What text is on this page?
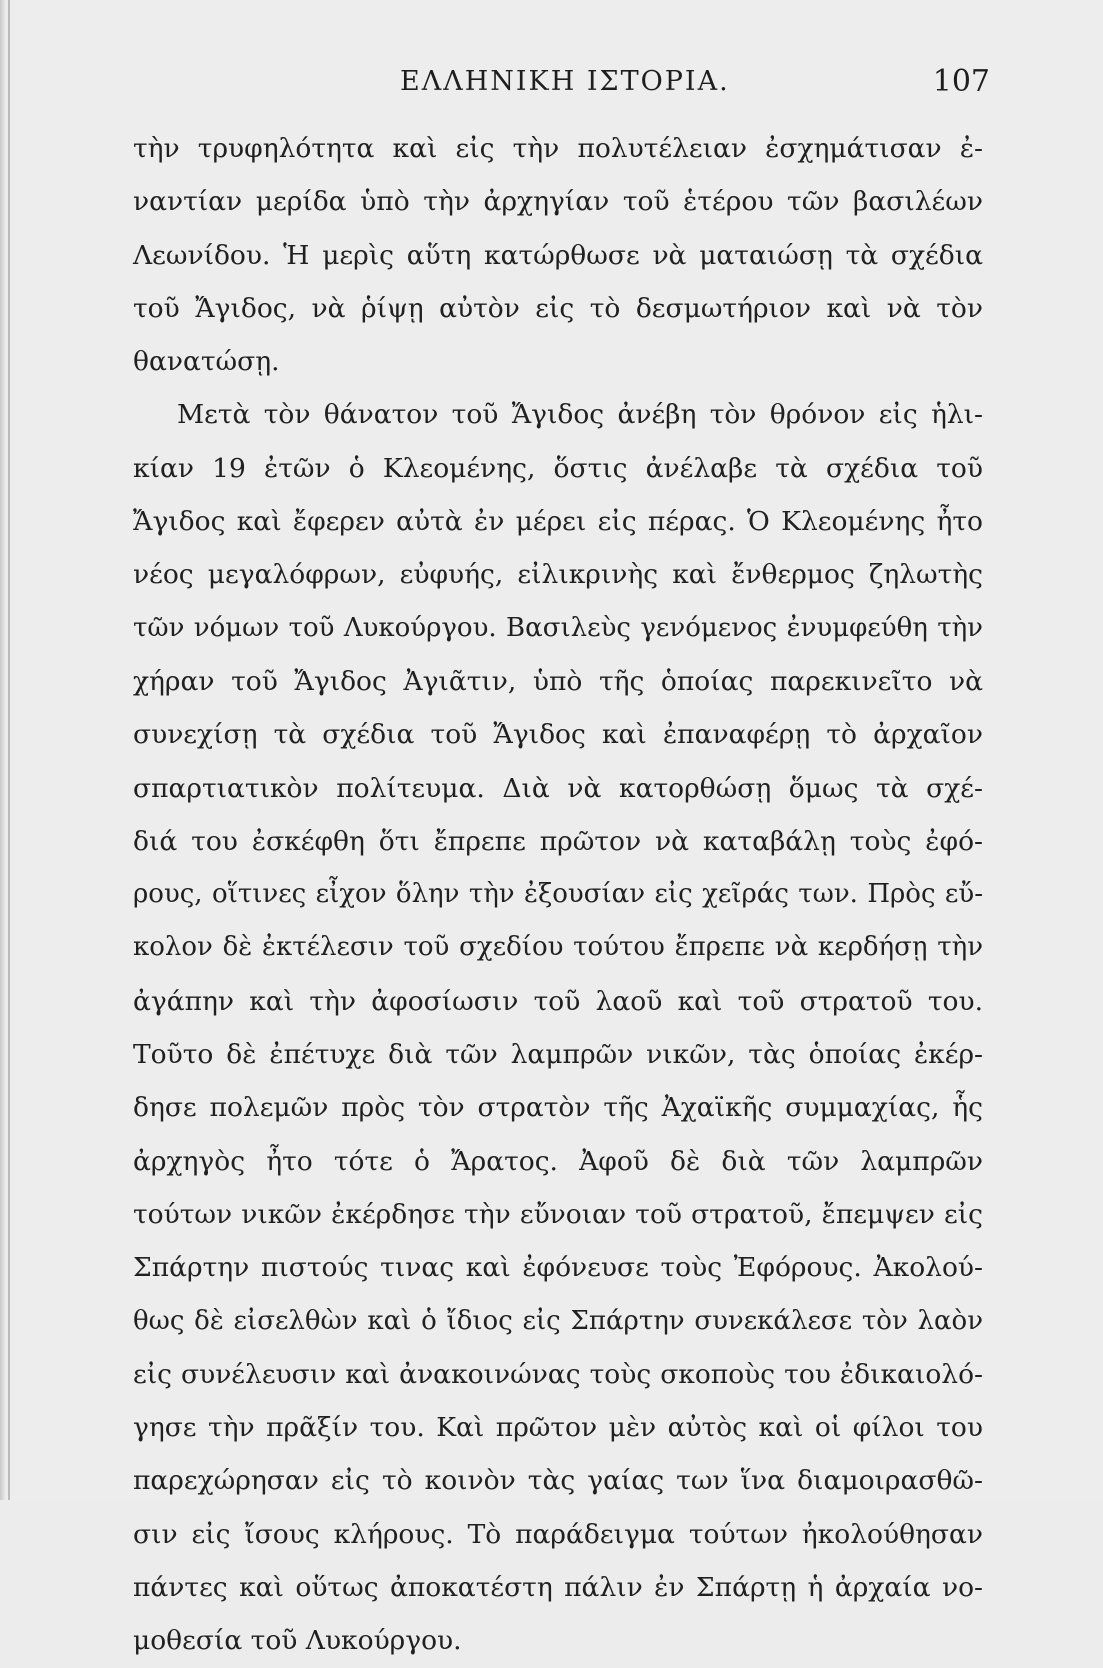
ΕΛΛΗΝΙΚΗ ΙΣΤΟΡΙΑ.	107
τὴν τρυφηλότητα καὶ εἰς τὴν πολυτέλειαν ἐσχημάτισαν ἐ-
ναντίαν μερίδα ὑπὸ τὴν ἀρχηγίαν τοῦ ἑτέρου τῶν βασιλέων
Λεωνίδου. Ἡ μερὶς αὕτη κατώρθωσε νὰ ματαιώσῃ τὰ σχέδια
τοῦ Ἄγιδος, νὰ ῥίψῃ αὐτὸν εἰς τὸ δεσμωτήριον καὶ νὰ τὸν
θανατώσῃ.
Μετὰ τὸν θάνατον τοῦ Ἄγιδος ἀνέβη τὸν θρόνον εἰς ἡλι-
κίαν 19 ἐτῶν ὁ Κλεομένης, ὅστις ἀνέλαβε τὰ σχέδια τοῦ
Ἄγιδος καὶ ἔφερεν αὐτὰ ἐν μέρει εἰς πέρας. Ὁ Κλεομένης ἦτο
νέος μεγαλόφρων, εὐφυής, εἰλικρινὴς καὶ ἔνθερμος ζηλωτὴς
τῶν νόμων τοῦ Λυκούργου. Βασιλεὺς γενόμενος ἐνυμφεύθη τὴν
χήραν τοῦ Ἄγιδος Ἀγιᾶτιν, ὑπὸ τῆς ὁποίας παρεκινεῖτο νὰ
συνεχίσῃ τὰ σχέδια τοῦ Ἄγιδος καὶ ἐπαναφέρῃ τὸ ἀρχαῖον
σπαρτιατικὸν πολίτευμα. Διὰ νὰ κατορθώσῃ ὅμως τὰ σχέ-
διά του ἐσκέφθη ὅτι ἔπρεπε πρῶτον νὰ καταβάλῃ τοὺς ἐφό-
ρους, οἵτινες εἶχον ὅλην τὴν ἐξουσίαν εἰς χεῖράς των. Πρὸς εὔ-
κολον δὲ ἐκτέλεσιν τοῦ σχεδίου τούτου ἔπρεπε νὰ κερδήσῃ τὴν
ἀγάπην καὶ τὴν ἀφοσίωσιν τοῦ λαοῦ καὶ τοῦ στρατοῦ του.
Τοῦτο δὲ ἐπέτυχε διὰ τῶν λαμπρῶν νικῶν, τὰς ὁποίας ἐκέρ-
δησε πολεμῶν πρὸς τὸν στρατὸν τῆς Ἀχαϊκῆς συμμαχίας, ἧς
ἀρχηγὸς ἦτο τότε ὁ Ἄρατος. Ἀφοῦ δὲ διὰ τῶν λαμπρῶν
τούτων νικῶν ἐκέρδησε τὴν εὔνοιαν τοῦ στρατοῦ, ἔπεμψεν εἰς
Σπάρτην πιστούς τινας καὶ ἐφόνευσε τοὺς Ἐφόρους. Ἀκολού-
θως δὲ εἰσελθὼν καὶ ὁ ἴδιος εἰς Σπάρτην συνεκάλεσε τὸν λαὸν
εἰς συνέλευσιν καὶ ἀνακοινώνας τοὺς σκοποὺς του ἐδικαιολό-
γησε τὴν πρᾶξίν του. Καὶ πρῶτον μὲν αὐτὸς καὶ οἱ φίλοι του
παρεχώρησαν εἰς τὸ κοινὸν τὰς γαίας των ἵνα διαμοιρασθῶ-
σιν εἰς ἴσους κλήρους. Τὸ παράδειγμα τούτων ἠκολούθησαν
πάντες καὶ οὕτως ἀποκατέστη πάλιν ἐν Σπάρτῃ ἡ ἀρχαία νο-
μοθεσία τοῦ Λυκούργου.
